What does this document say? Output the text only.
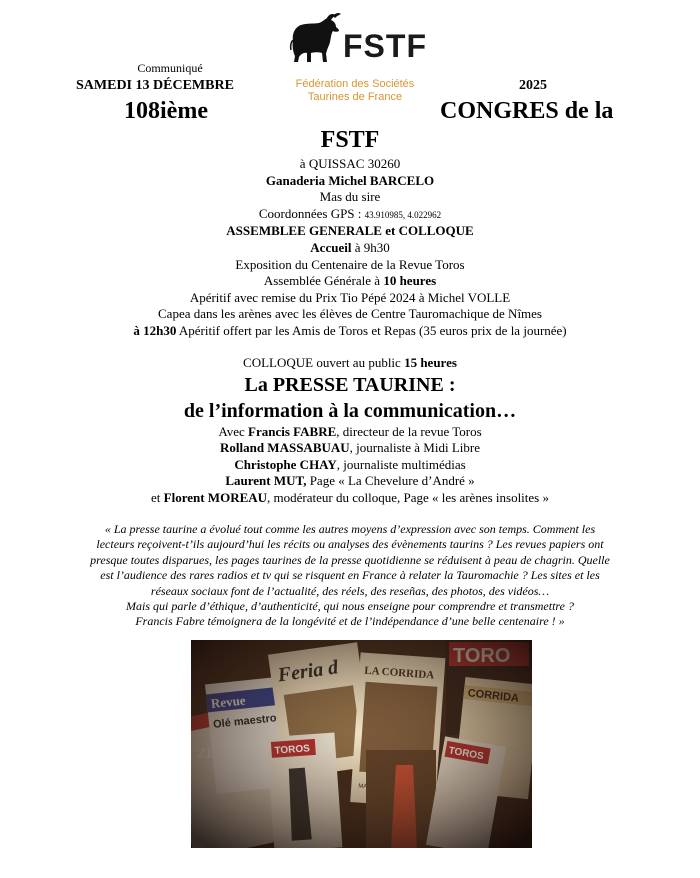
FSTF
Fédération des Sociétés
Taurines de France
Communiqué
SAMEDI 13 DÉCEMBRE	2025
108ième	CONGRES de la
FSTF
à QUISSAC 30260
Ganaderia Michel BARCELO
Mas du sire
Coordonnées GPS : 43.910985, 4.022962
ASSEMBLEE GENERALE et COLLOQUE
Accueil à 9h30
Exposition du Centenaire de la Revue Toros
Assemblée Générale à 10 heures
Apéritif avec remise du Prix Tio Pépé 2024 à Michel VOLLE
Capea dans les arènes avec les élèves de Centre Tauromachique de Nîmes
à 12h30 Apéritif offert par les Amis de Toros et Repas (35 euros prix de la journée)
COLLOQUE ouvert au public 15 heures
La PRESSE TAURINE :
de l’information à la communication…
Avec Francis FABRE, directeur de la revue Toros
Rolland MASSABUAU, journaliste à Midi Libre
Christophe CHAY, journaliste multimédias
Laurent MUT, Page « La Chevelure d’André »
et Florent MOREAU, modérateur du colloque, Page « les arènes insolites »
« La presse taurine a évolué tout comme les autres moyens d’expression avec son temps. Comment les
lecteurs reçoivent-t’ils aujourd’hui les récits ou analyses des évènements taurins ? Les revues papiers ont
presque toutes disparues, les pages taurines de la presse quotidienne se réduisent à peau de chagrin. Quelle
est l’audience des rares radios et tv qui se risquent en France à relater la Tauromachie ? Les sites et les
réseaux sociaux font de l’actualité, des réels, des reseñas, des photos, des vidéos…
Mais qui parle d’éthique, d’authenticité, qui nous enseigne pour comprendre et transmettre ?
Francis Fabre témoignera de la longévité et de l’indépendance d’une belle centenaire ! »
